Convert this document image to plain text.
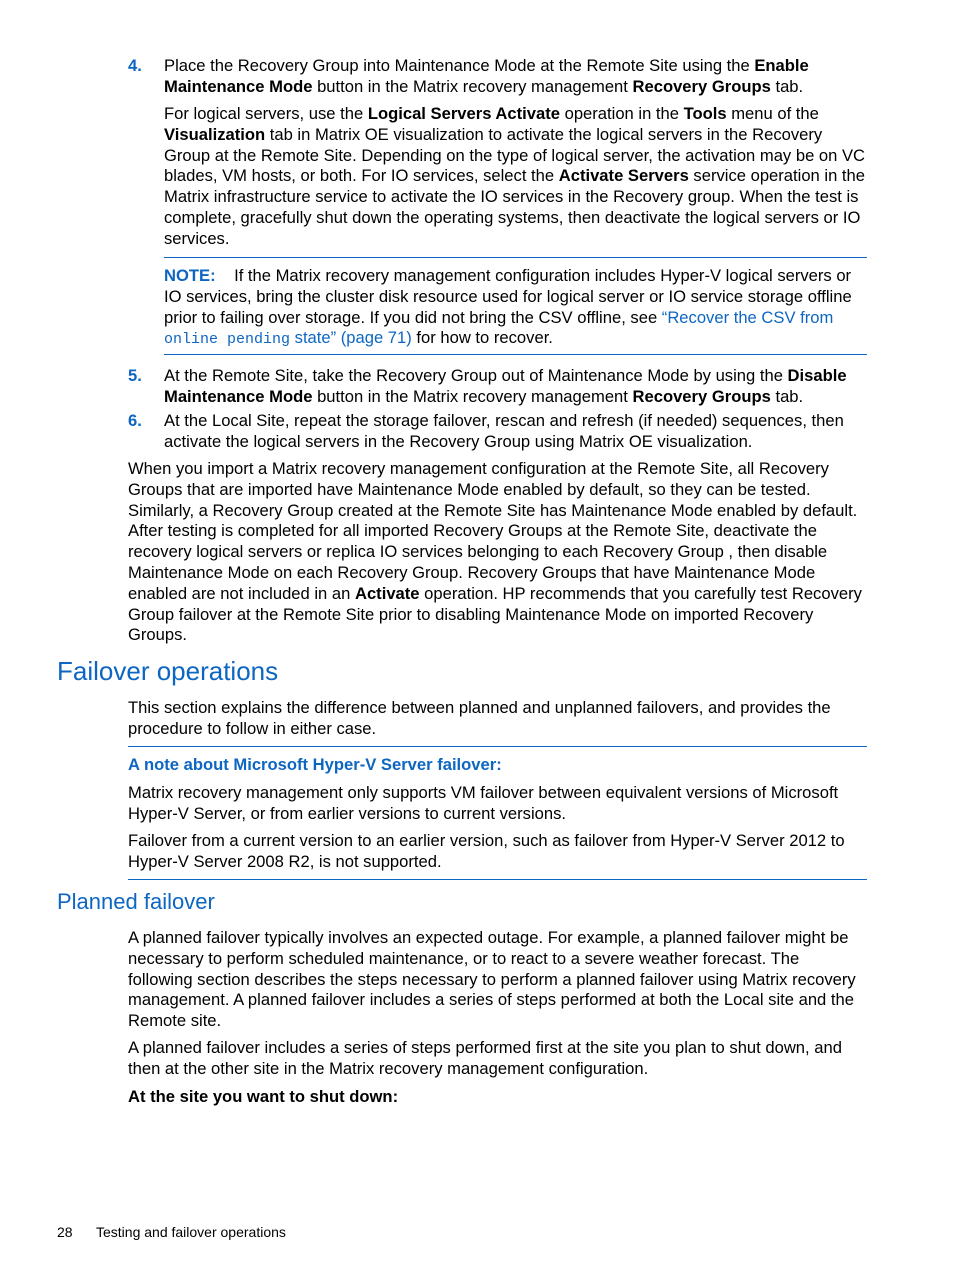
4. Place the Recovery Group into Maintenance Mode at the Remote Site using the Enable Maintenance Mode button in the Matrix recovery management Recovery Groups tab.

For logical servers, use the Logical Servers Activate operation in the Tools menu of the Visualization tab in Matrix OE visualization to activate the logical servers in the Recovery Group at the Remote Site. Depending on the type of logical server, the activation may be on VC blades, VM hosts, or both. For IO services, select the Activate Servers service operation in the Matrix infrastructure service to activate the IO services in the Recovery group. When the test is complete, gracefully shut down the operating systems, then deactivate the logical servers or IO services.

NOTE: If the Matrix recovery management configuration includes Hyper-V logical servers or IO services, bring the cluster disk resource used for logical server or IO service storage offline prior to failing over storage. If you did not bring the CSV offline, see “Recover the CSV from online pending state” (page 71) for how to recover.

5. At the Remote Site, take the Recovery Group out of Maintenance Mode by using the Disable Maintenance Mode button in the Matrix recovery management Recovery Groups tab.

6. At the Local Site, repeat the storage failover, rescan and refresh (if needed) sequences, then activate the logical servers in the Recovery Group using Matrix OE visualization.

When you import a Matrix recovery management configuration at the Remote Site, all Recovery Groups that are imported have Maintenance Mode enabled by default, so they can be tested. Similarly, a Recovery Group created at the Remote Site has Maintenance Mode enabled by default. After testing is completed for all imported Recovery Groups at the Remote Site, deactivate the recovery logical servers or replica IO services belonging to each Recovery Group , then disable Maintenance Mode on each Recovery Group. Recovery Groups that have Maintenance Mode enabled are not included in an Activate operation. HP recommends that you carefully test Recovery Group failover at the Remote Site prior to disabling Maintenance Mode on imported Recovery Groups.

Failover operations

This section explains the difference between planned and unplanned failovers, and provides the procedure to follow in either case.

A note about Microsoft Hyper-V Server failover:

Matrix recovery management only supports VM failover between equivalent versions of Microsoft Hyper-V Server, or from earlier versions to current versions.

Failover from a current version to an earlier version, such as failover from Hyper-V Server 2012 to Hyper-V Server 2008 R2, is not supported.

Planned failover

A planned failover typically involves an expected outage. For example, a planned failover might be necessary to perform scheduled maintenance, or to react to a severe weather forecast. The following section describes the steps necessary to perform a planned failover using Matrix recovery management. A planned failover includes a series of steps performed at both the Local site and the Remote site.

A planned failover includes a series of steps performed first at the site you plan to shut down, and then at the other site in the Matrix recovery management configuration.

At the site you want to shut down:

28 Testing and failover operations
